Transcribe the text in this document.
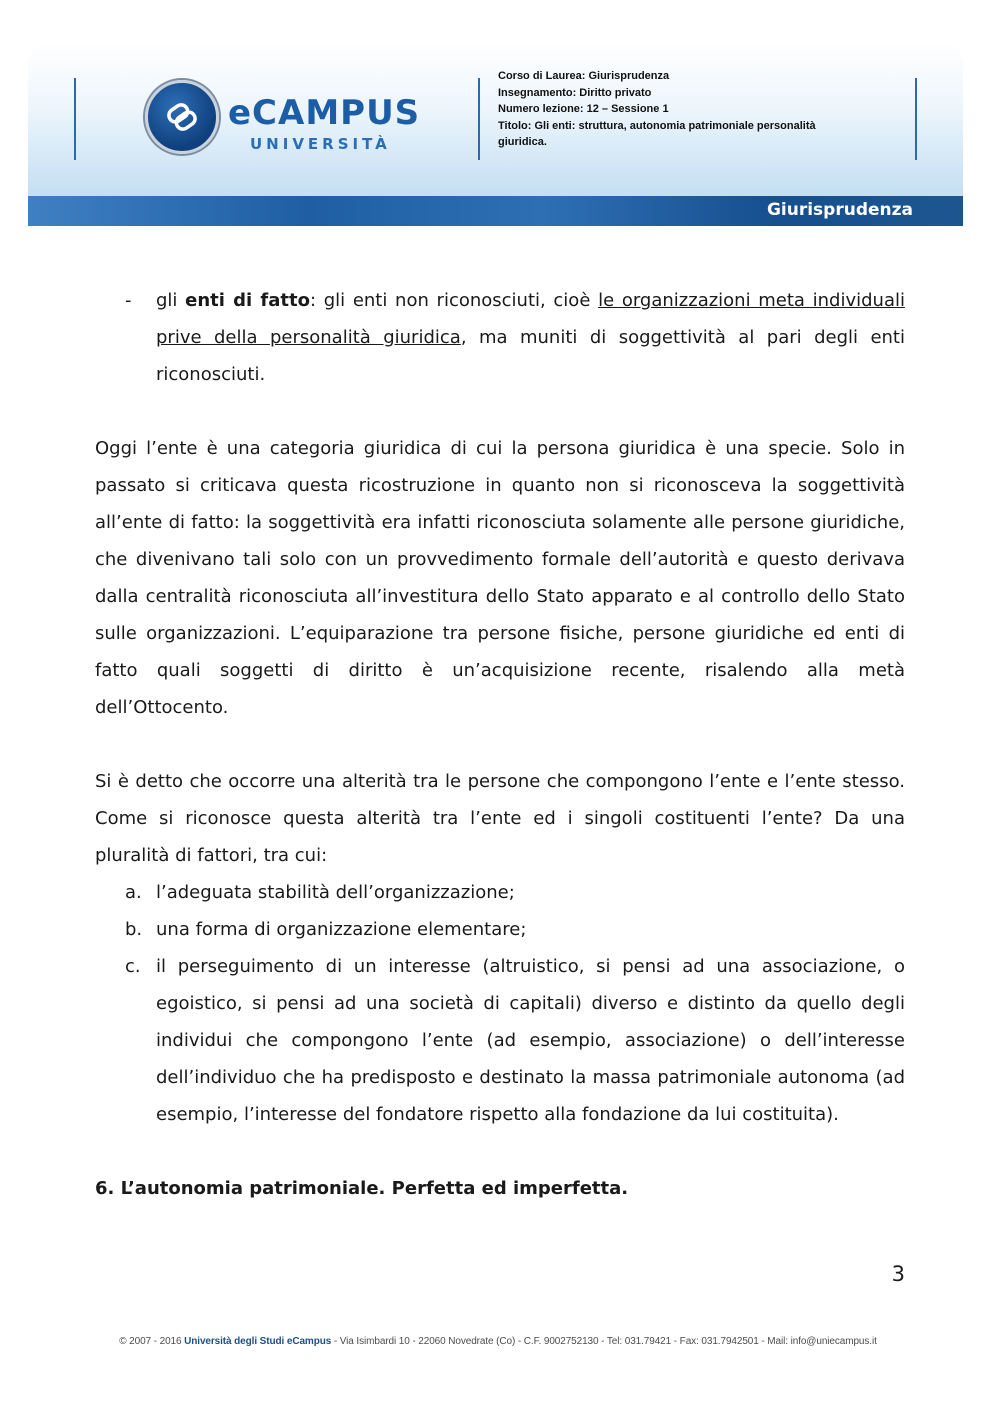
eCAMPUS
UNIVERSITÀ
Corso di Laurea: Giurisprudenza
Insegnamento: Diritto privato
Numero lezione: 12 – Sessione 1
Titolo: Gli enti: struttura, autonomia patrimoniale personalità
giuridica.
Giurisprudenza
- gli enti di fatto: gli enti non riconosciuti, cioè le organizzazioni meta individuali prive della personalità giuridica, ma muniti di soggettività al pari degli enti riconosciuti.

Oggi l’ente è una categoria giuridica di cui la persona giuridica è una specie. Solo in passato si criticava questa ricostruzione in quanto non si riconosceva la soggettività all’ente di fatto: la soggettività era infatti riconosciuta solamente alle persone giuridiche, che divenivano tali solo con un provvedimento formale dell’autorità e questo derivava dalla centralità riconosciuta all’investitura dello Stato apparato e al controllo dello Stato sulle organizzazioni. L’equiparazione tra persone fisiche, persone giuridiche ed enti di fatto quali soggetti di diritto è un’acquisizione recente, risalendo alla metà dell’Ottocento.

Si è detto che occorre una alterità tra le persone che compongono l’ente e l’ente stesso. Come si riconosce questa alterità tra l’ente ed i singoli costituenti l’ente? Da una pluralità di fattori, tra cui:

a. l’adeguata stabilità dell’organizzazione;
b. una forma di organizzazione elementare;
c. il perseguimento di un interesse (altruistico, si pensi ad una associazione, o egoistico, si pensi ad una società di capitali) diverso e distinto da quello degli individui che compongono l’ente (ad esempio, associazione) o dell’interesse dell’individuo che ha predisposto e destinato la massa patrimoniale autonoma (ad esempio, l’interesse del fondatore rispetto alla fondazione da lui costituita).
6. L’autonomia patrimoniale. Perfetta ed imperfetta.
3
© 2007 - 2016 Università degli Studi eCampus - Via Isimbardi 10 - 22060 Novedrate (Co) - C.F. 9002752130 - Tel: 031.79421 - Fax: 031.7942501 - Mail: info@uniecampus.it
